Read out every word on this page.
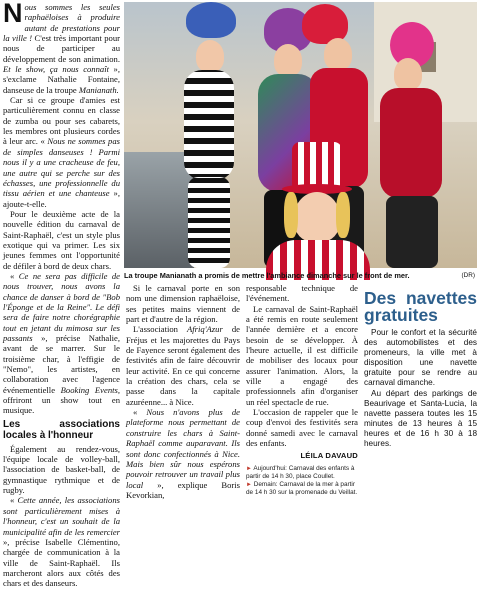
Nous sommes les seules raphaëloises à produire autant de prestations pour la ville ! C'est très important pour nous de participer au développement de son animation. Et le show, ça nous connaît », s'exclame Nathalie Fontaine, danseuse de la troupe Manianath.

Car si ce groupe d'amies est particulièrement connu en classe de zumba ou pour ses cabarets, les membres ont plusieurs cordes à leur arc. « Nous ne sommes pas de simples danseuses ! Parmi nous il y a une cracheuse de feu, une autre qui se perche sur des échasses, une professionnelle du tissu aérien et une chanteuse », ajoute-t-elle.

Pour le deuxième acte de la nouvelle édition du carnaval de Saint-Raphaël, c'est un style plus exotique qui va primer. Les six jeunes femmes ont l'opportunité de défiler à bord de deux chars.

« Ce ne sera pas difficile de nous trouver, nous avons la chance de danser à bord de "Bob l'Éponge et de la Reine". Le défi sera de faire notre chorégraphie tout en jetant du mimosa sur les passants », précise Nathalie, avant de se marrer. Sur le troisième char, à l'effigie de "Nemo", les artistes, en collaboration avec l'agence événementielle Booking Events, offriront un show tout en musique.

Les associations locales à l'honneur

Également au rendez-vous, l'équipe locale de volley-ball, l'association de basket-ball, de gymnastique rythmique et de rugby.

« Cette année, les associations sont particulièrement mises à l'honneur, c'est un souhait de la municipalité afin de les remercier », précise Isabelle Clémentino, chargée de communication à la ville de Saint-Raphaël. Ils marcheront alors aux côtés des chars et des danseurs.

La troupe Manianath a promis de mettre l'ambiance dimanche sur le front de mer.	(DR)

Si le carnaval porte en son nom une dimension raphaëloise, ses petites mains viennent de part et d'autre de la région.

L'association Afriq'Azur de Fréjus et les majorettes du Pays de Fayence seront également des festivités afin de faire découvrir leur activité. En ce qui concerne la création des chars, cela se passe dans la capitale azuréenne... à Nice.

« Nous n'avons plus de plateforme nous permettant de construire les chars à Saint-Raphaël comme auparavant. Ils sont donc confectionnés à Nice. Mais bien sûr nous espérons pouvoir retrouver un travail plus local », explique Boris Kevorkian,

responsable technique de l'événement.

Le carnaval de Saint-Raphaël a été remis en route seulement l'année dernière et a encore besoin de se développer. À l'heure actuelle, il est difficile de mobiliser des locaux pour assurer l'animation. Alors, la ville a engagé des professionnels afin d'organiser un réel spectacle de rue.

L'occasion de rappeler que le coup d'envoi des festivités sera donné samedi avec le carnaval des enfants.

LÉILA DAVAUD
► Aujourd'hui: Carnaval des enfants à partir de 14 h 30, place Coullet.
► Demain: Carnaval de la mer à partir de 14 h 30 sur la promenade du Veillat.
Des navettes gratuites

Pour le confort et la sécurité des automobilistes et des promeneurs, la ville met à disposition une navette gratuite pour se rendre au carnaval dimanche.

Au départ des parkings de Beaurivage et Santa-Lucia, la navette passera toutes les 15 minutes de 13 heures à 15 heures et de 16 h 30 à 18 heures.
